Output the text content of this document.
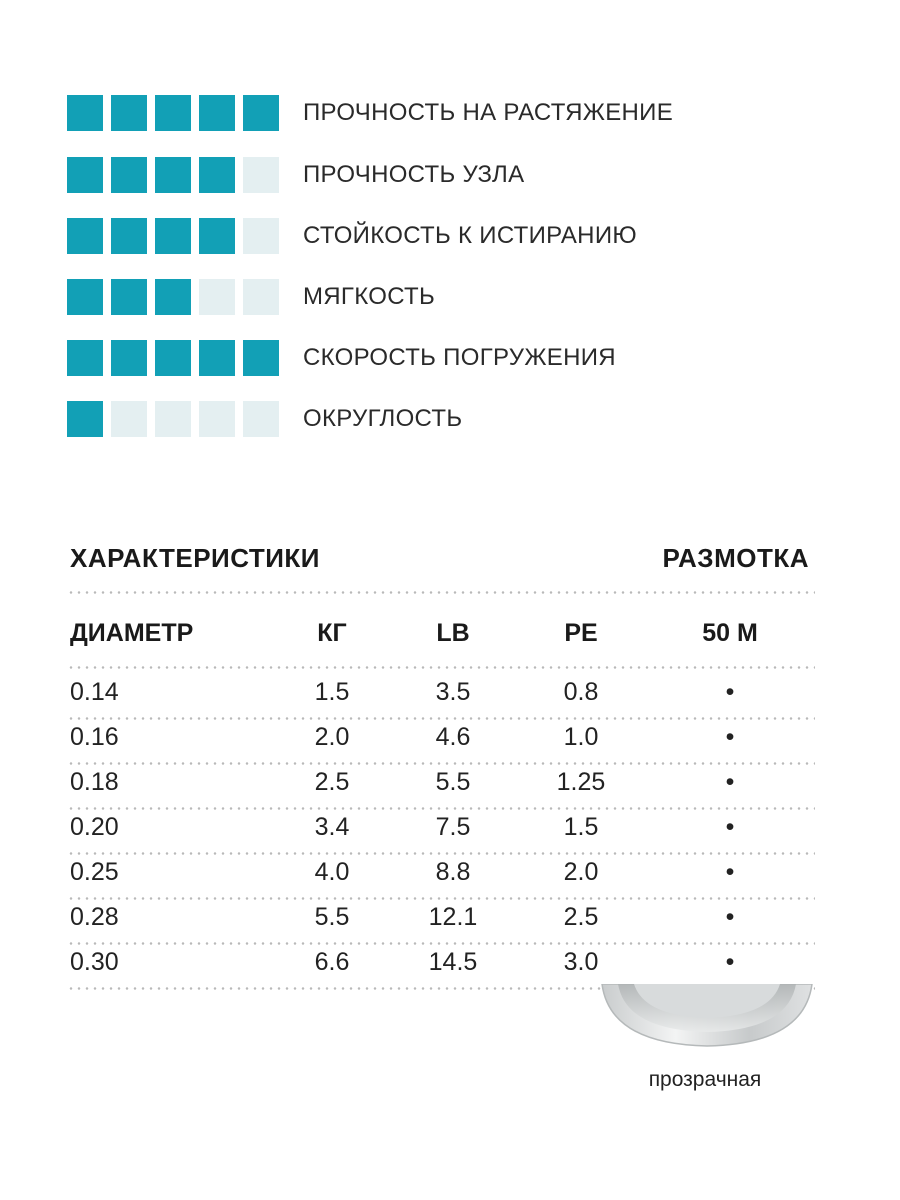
ПРОЧНОСТЬ НА РАСТЯЖЕНИЕ
ПРОЧНОСТЬ УЗЛА
СТОЙКОСТЬ К ИСТИРАНИЮ
МЯГКОСТЬ
СКОРОСТЬ ПОГРУЖЕНИЯ
ОКРУГЛОСТЬ
ХАРАКТЕРИСТИКИ	РАЗМОТКА
ДИАМЕТР	КГ	LB	PE	50 М
0.14	1.5	3.5	0.8	•
0.16	2.0	4.6	1.0	•
0.18	2.5	5.5	1.25	•
0.20	3.4	7.5	1.5	•
0.25	4.0	8.8	2.0	•
0.28	5.5	12.1	2.5	•
0.30	6.6	14.5	3.0	•
прозрачная
